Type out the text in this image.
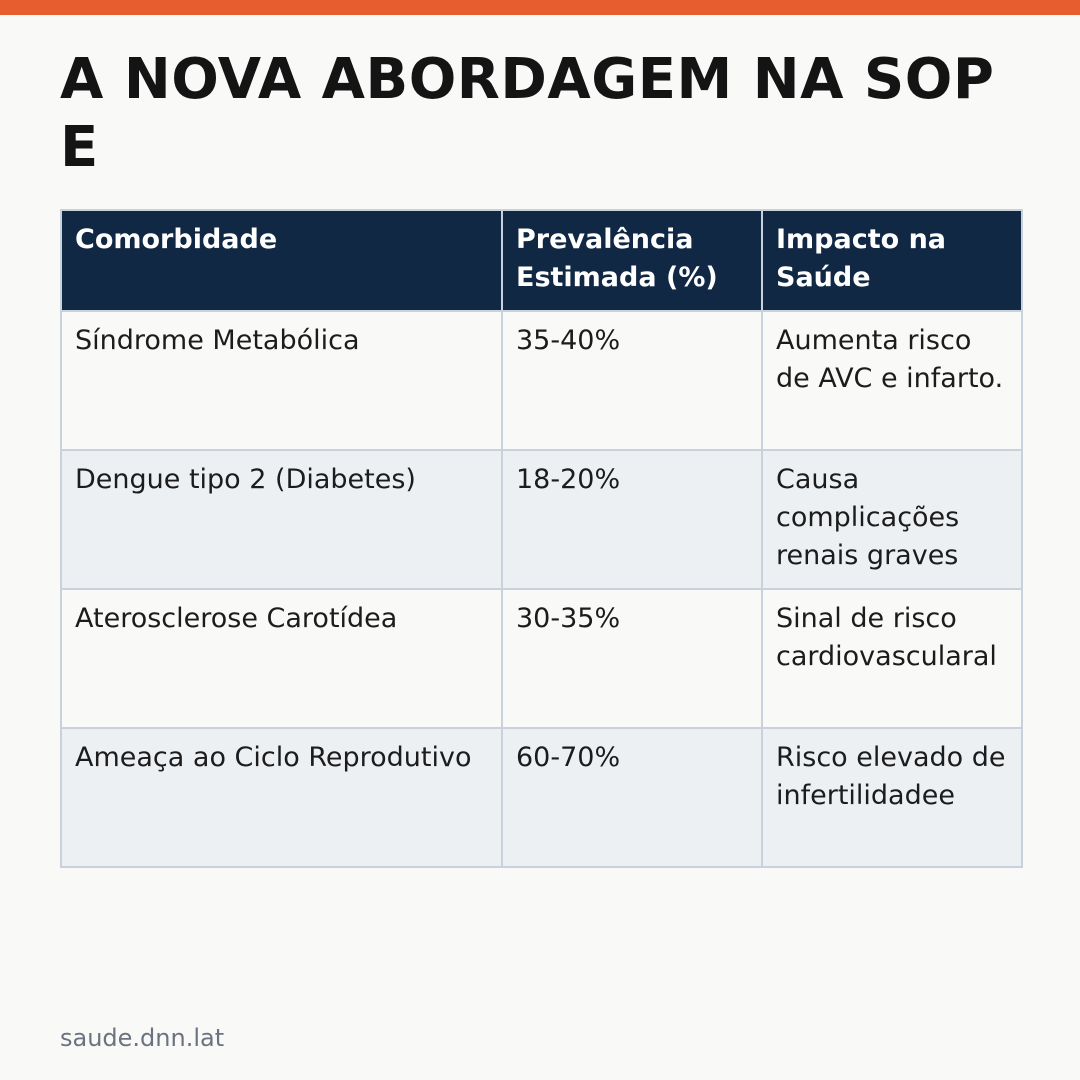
A NOVA ABORDAGEM NA SOP E
Comorbidade	Prevalência Estimada (%)	Impacto na Saúde
Síndrome Metabólica	35-40%	Aumenta risco de AVC e infarto.
Dengue tipo 2 (Diabetes)	18-20%	Causa complicações renais graves
Aterosclerose Carotídea	30-35%	Sinal de risco cardiovascularal
Ameaça ao Ciclo Reprodutivo	60-70%	Risco elevado de infertilidadee
saude.dnn.lat
